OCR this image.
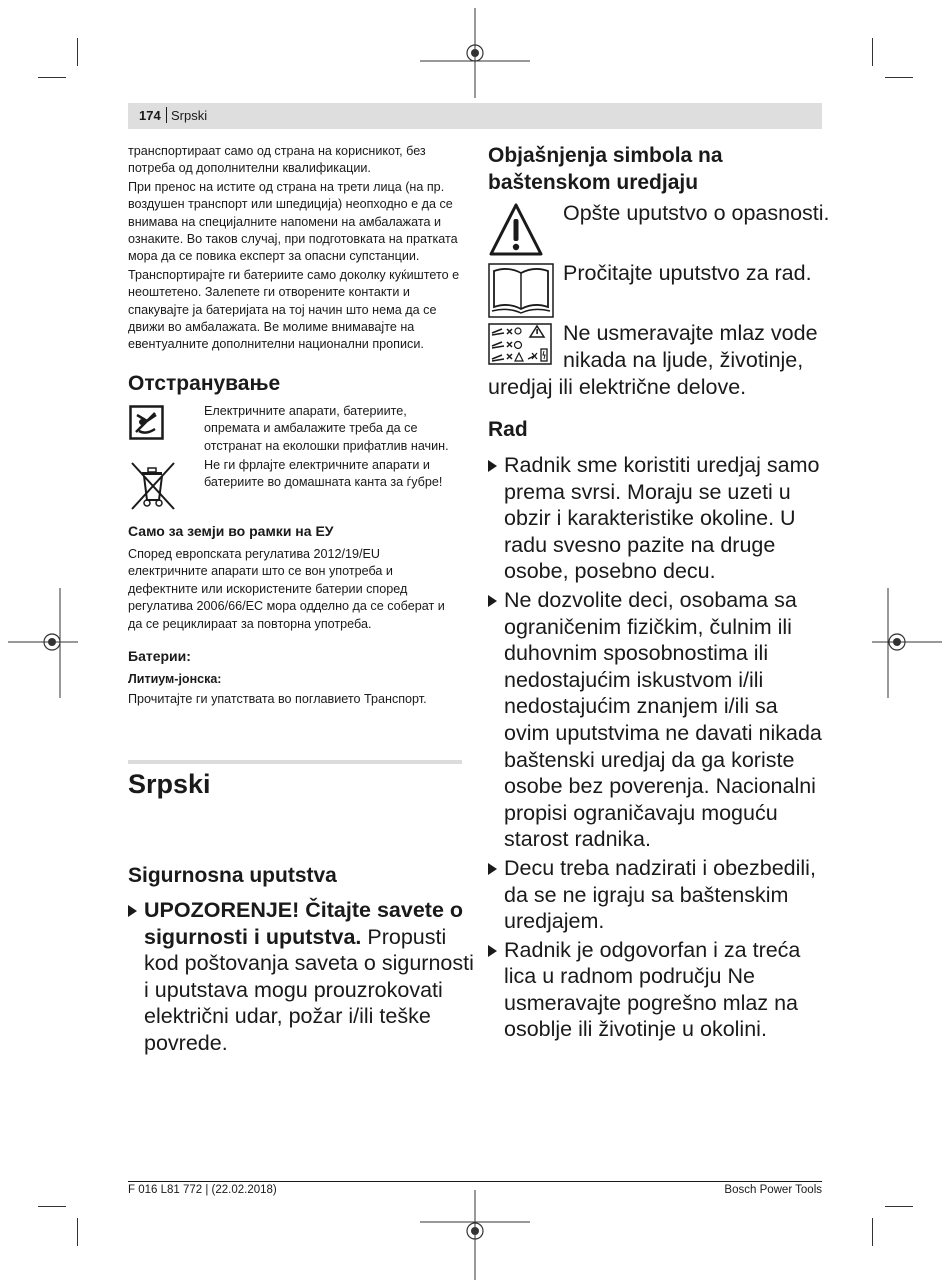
174 Srpski

транспортираат само од страна на корисникот, без потреба од дополнителни квалификации.

При пренос на истите од страна на трети лица (на пр. воздушен транспорт или шпедиција) неопходно е да се внимава на специјалните напомени на амбалажата и ознаките. Во таков случај, при подготовката на пратката мора да се повика експерт за опасни супстанции.

Транспортирајте ги батериите само доколку куќиштето е неоштетено. Залепете ги отворените контакти и спакувајте ја батеријата на тој начин што нема да се движи во амбалажата. Ве молиме внимавајте на евентуалните дополнителни национални прописи.

Отстранување
Електричните апарати, батериите, опремата и амбалажите треба да се отстранат на еколошки прифатлив начин.
Не ги фрлајте електричните апарати и батериите во домашната канта за ѓубре!
Само за земји во рамки на ЕУ
Според европската регулатива 2012/19/EU електричните апарати што се вон употреба и дефектните или искористените батерии според регулатива 2006/66/EC мора одделно да се соберат и да се рециклираат за повторна употреба.
Батерии:
Литиум-јонска:
Прочитајте ги упатствата во поглавието Транспорт.
Srpski
Sigurnosna uputstva
UPOZORENJE! Čitajte savete o sigurnosti i uputstva. Propusti kod poštovanja saveta o sigurnosti i uputstava mogu prouzrokovati električni udar, požar i/ili teške povrede.
Objašnjenja simbola na baštenskom uredjaju
Opšte uputstvo o opasnosti.
Pročitajte uputstvo za rad.
Ne usmeravajte mlaz vode
nikada na ljude, životinje,
uredjaj ili električne delove.
Rad
Radnik sme koristiti uredjaj samo prema svrsi. Moraju se uzeti u obzir i karakteristike okoline. U radu svesno pazite na druge osobe, posebno decu.
Ne dozvolite deci, osobama sa ograničenim fizičkim, čulnim ili duhovnim sposobnostima ili nedostajućim iskustvom i/ili nedostajućim znanjem i/ili sa ovim uputstvima ne davati nikada baštenski uredjaj da ga koriste osobe bez poverenja. Nacionalni propisi ograničavaju moguću starost radnika.
Decu treba nadzirati i obezbedili, da se ne igraju sa baštenskim uredjajem.
Radnik je odgovorfan i za treća lica u radnom području Ne usmeravajte pogrešno mlaz na osoblje ili životinje u okolini.
F 016 L81 772 | (22.02.2018)	Bosch Power Tools
